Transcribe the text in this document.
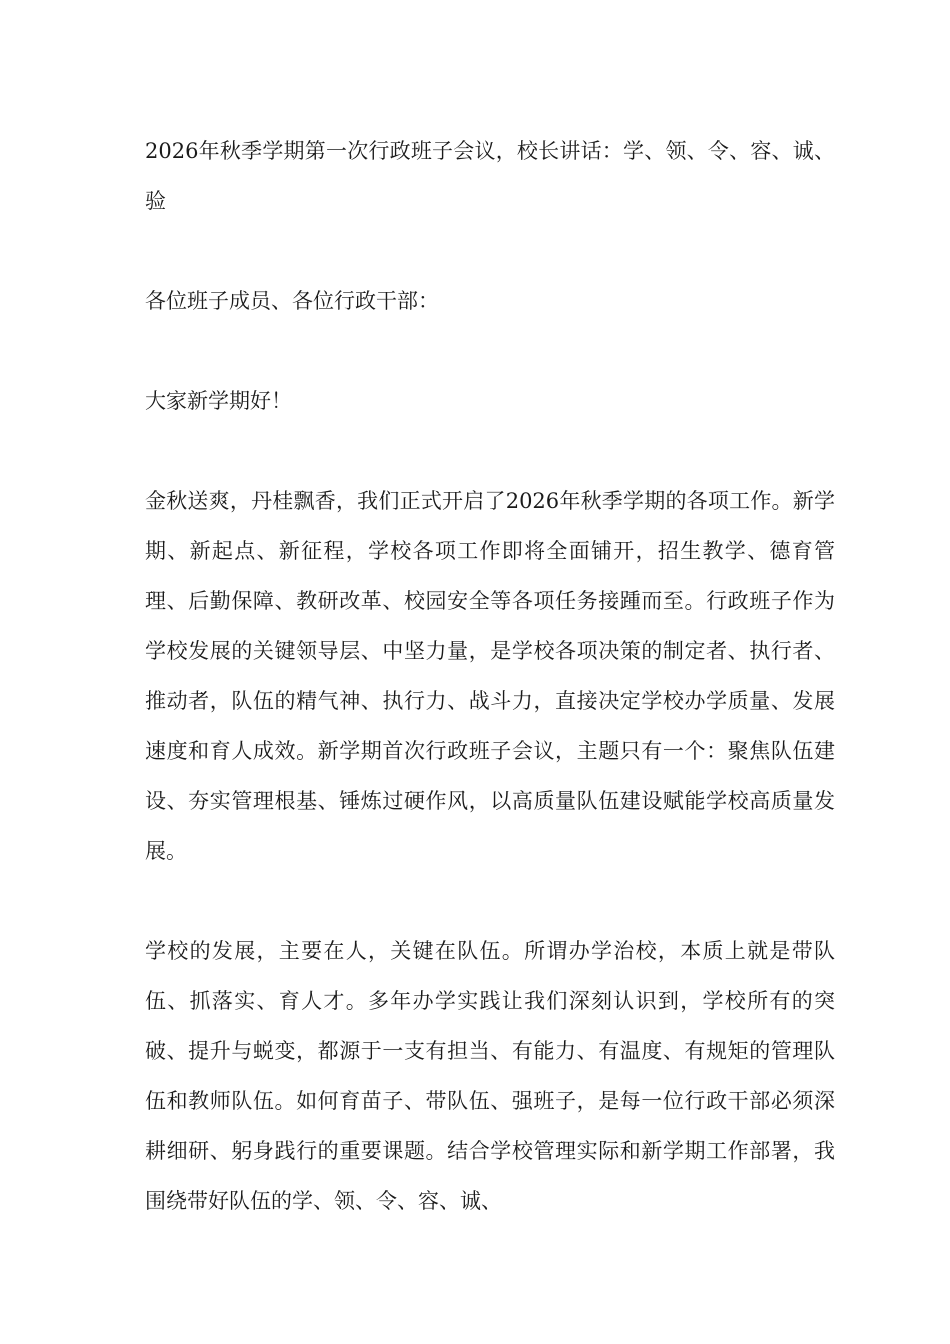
2026年秋季学期第一次行政班子会议，校长讲话：学、领、令、容、诚、验

各位班子成员、各位行政干部：

大家新学期好！

金秋送爽，丹桂飘香，我们正式开启了2026年秋季学期的各项工作。新学期、新起点、新征程，学校各项工作即将全面铺开，招生教学、德育管理、后勤保障、教研改革、校园安全等各项任务接踵而至。行政班子作为学校发展的关键领导层、中坚力量，是学校各项决策的制定者、执行者、推动者，队伍的精气神、执行力、战斗力，直接决定学校办学质量、发展速度和育人成效。新学期首次行政班子会议，主题只有一个：聚焦队伍建设、夯实管理根基、锤炼过硬作风，以高质量队伍建设赋能学校高质量发展。

学校的发展，主要在人，关键在队伍。所谓办学治校，本质上就是带队伍、抓落实、育人才。多年办学实践让我们深刻认识到，学校所有的突破、提升与蜕变，都源于一支有担当、有能力、有温度、有规矩的管理队伍和教师队伍。如何育苗子、带队伍、强班子，是每一位行政干部必须深耕细研、躬身践行的重要课题。结合学校管理实际和新学期工作部署，我围绕带好队伍的学、领、令、容、诚、
